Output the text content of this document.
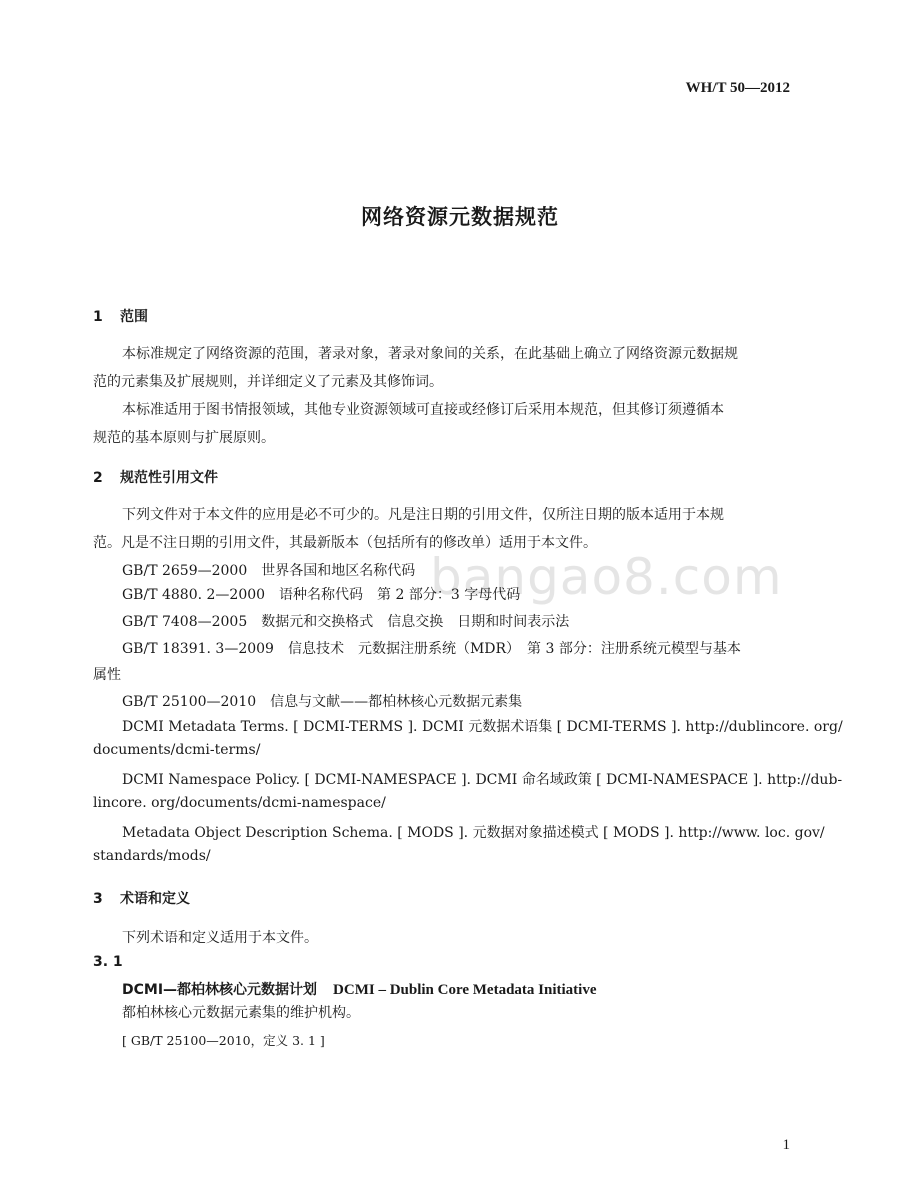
WH/T 50—2012
网络资源元数据规范
bangao8.com
1 范围
本标准规定了网络资源的范围，著录对象，著录对象间的关系，在此基础上确立了网络资源元数据规
范的元素集及扩展规则，并详细定义了元素及其修饰词。
本标准适用于图书情报领域，其他专业资源领域可直接或经修订后采用本规范，但其修订须遵循本
规范的基本原则与扩展原则。
2 规范性引用文件
下列文件对于本文件的应用是必不可少的。凡是注日期的引用文件，仅所注日期的版本适用于本规
范。凡是不注日期的引用文件，其最新版本（包括所有的修改单）适用于本文件。
GB/T 2659—2000　世界各国和地区名称代码
GB/T 4880. 2—2000　语种名称代码　第 2 部分：3 字母代码
GB/T 7408—2005　数据元和交换格式　信息交换　日期和时间表示法
GB/T 18391. 3—2009　信息技术　元数据注册系统（MDR）　第 3 部分：注册系统元模型与基本
属性
GB/T 25100—2010　信息与文献——都柏林核心元数据元素集
DCMI Metadata Terms. [ DCMI-TERMS ]. DCMI 元数据术语集 [ DCMI-TERMS ]. http://dublincore. org/
documents/dcmi-terms/
DCMI Namespace Policy. [ DCMI-NAMESPACE ]. DCMI 命名域政策 [ DCMI-NAMESPACE ]. http://dub-
lincore. org/documents/dcmi-namespace/
Metadata Object Description Schema. [ MODS ]. 元数据对象描述模式 [ MODS ]. http://www. loc. gov/
standards/mods/
3 术语和定义
下列术语和定义适用于本文件。
3. 1
DCMI—都柏林核心元数据计划 DCMI – Dublin Core Metadata Initiative
都柏林核心元数据元素集的维护机构。
[ GB/T 25100—2010，定义 3. 1 ]
1
